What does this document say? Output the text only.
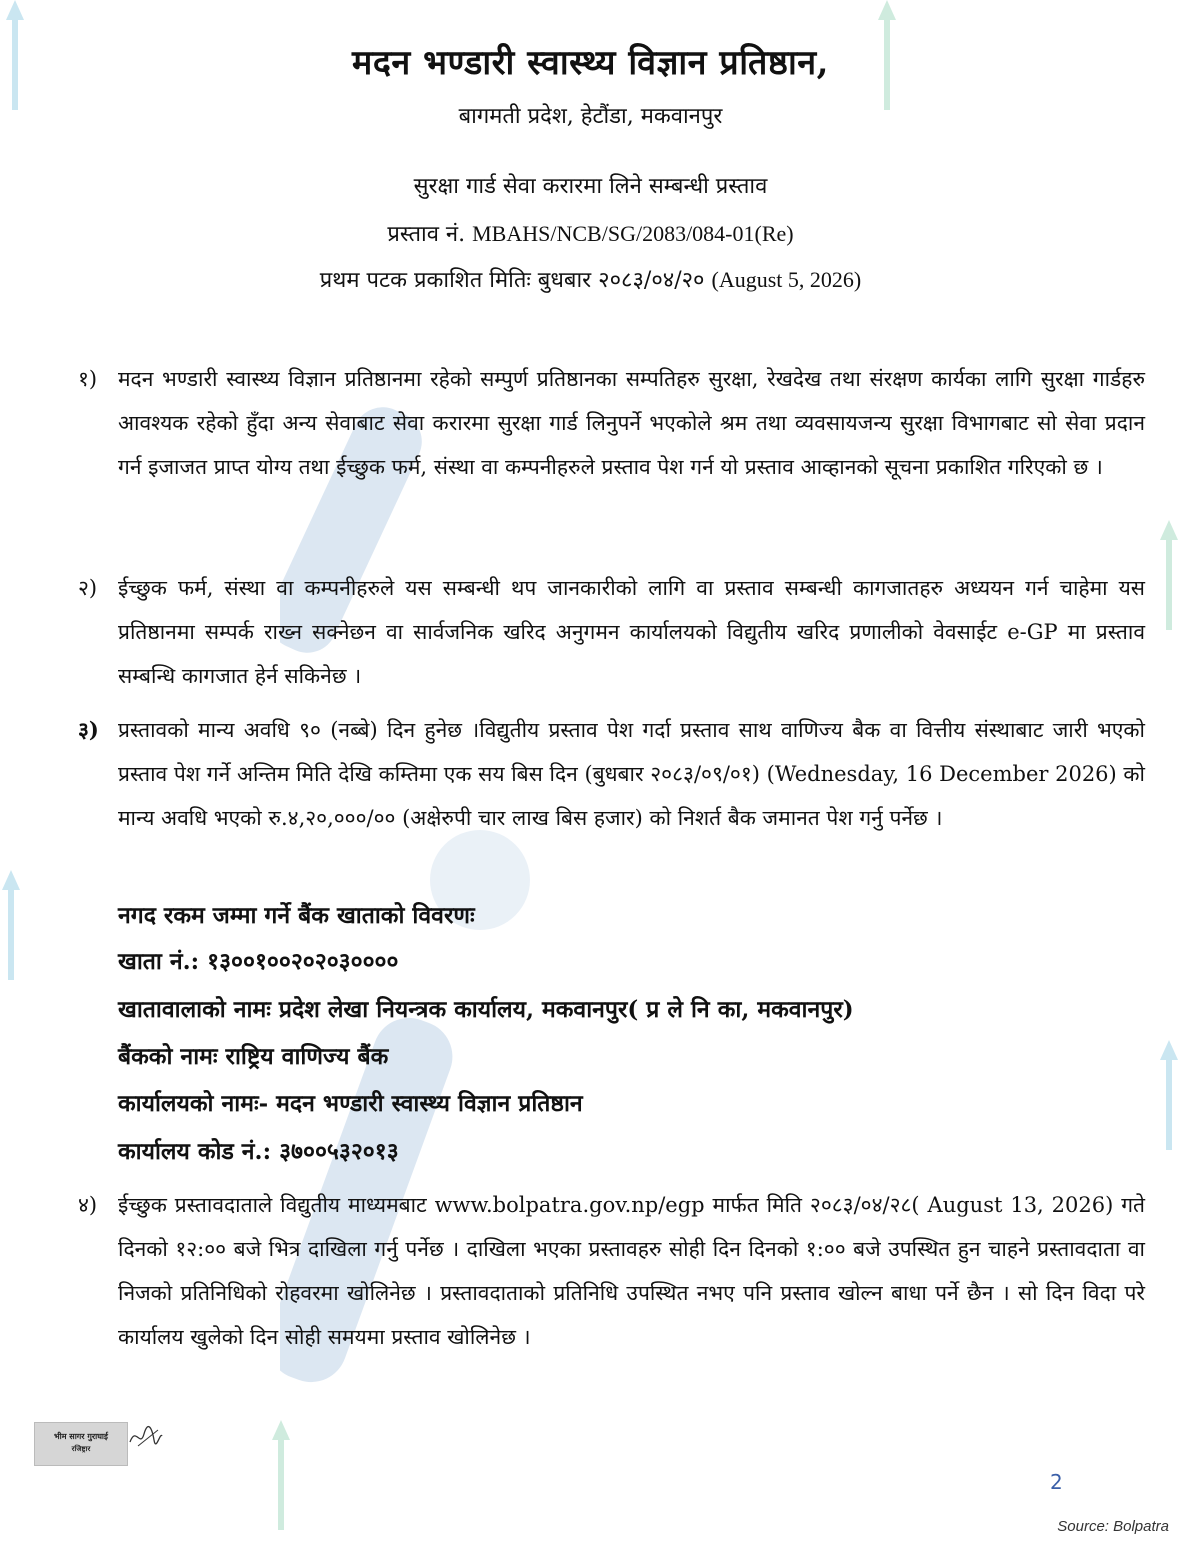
मदन भण्डारी स्वास्थ्य विज्ञान प्रतिष्ठान,
बागमती प्रदेश, हेटौंडा, मकवानपुर
सुरक्षा गार्ड सेवा करारमा लिने सम्बन्धी प्रस्ताव
प्रस्ताव नं. MBAHS/NCB/SG/2083/084-01(Re)
प्रथम पटक प्रकाशित मितिः बुधबार २०८३/०४/२० (August 5, 2026)
१) मदन भण्डारी स्वास्थ्य विज्ञान प्रतिष्ठानमा रहेको सम्पुर्ण प्रतिष्ठानका सम्पतिहरु सुरक्षा, रेखदेख तथा संरक्षण कार्यका लागि सुरक्षा गार्डहरु आवश्यक रहेको हुँदा अन्य सेवाबाट सेवा करारमा सुरक्षा गार्ड लिनुपर्ने भएकोले श्रम तथा व्यवसायजन्य सुरक्षा विभागबाट सो सेवा प्रदान गर्न इजाजत प्राप्त योग्य तथा ईच्छुक फर्म, संस्था वा कम्पनीहरुले प्रस्ताव पेश गर्न यो प्रस्ताव आव्हानको सूचना प्रकाशित गरिएको छ ।
२) ईच्छुक फर्म, संस्था वा कम्पनीहरुले यस सम्बन्धी थप जानकारीको लागि वा प्रस्ताव सम्बन्धी कागजातहरु अध्ययन गर्न चाहेमा यस प्रतिष्ठानमा सम्पर्क राख्न सक्नेछन वा सार्वजनिक खरिद अनुगमन कार्यालयको विद्युतीय खरिद प्रणालीको वेवसाईट e-GP मा प्रस्ताव सम्बन्धि कागजात हेर्न सकिनेछ ।
३) प्रस्तावको मान्य अवधि ९० (नब्बे) दिन हुनेछ ।विद्युतीय प्रस्ताव पेश गर्दा प्रस्ताव साथ वाणिज्य बैक वा वित्तीय संस्थाबाट जारी भएको प्रस्ताव पेश गर्ने अन्तिम मिति देखि कम्तिमा एक सय बिस दिन (बुधबार २०८३/०९/०१) (Wednesday, 16 December 2026) को मान्य अवधि भएको रु.४,२०,०००/०० (अक्षेरुपी चार लाख बिस हजार) को निशर्त बैक जमानत पेश गर्नु पर्नेछ ।
नगद रकम जम्मा गर्ने बैंक खाताको विवरणः
खाता नं.: १३००१००२०२०३००००
खातावालाको नामः प्रदेश लेखा नियन्त्रक कार्यालय, मकवानपुर( प्र ले नि का, मकवानपुर)
बैंकको नामः राष्ट्रिय वाणिज्य बैंक
कार्यालयको नामः- मदन भण्डारी स्वास्थ्य विज्ञान प्रतिष्ठान
कार्यालय कोड नं.: ३७००५३२०१३
४) ईच्छुक प्रस्तावदाताले विद्युतीय माध्यमबाट www.bolpatra.gov.np/egp मार्फत मिति २०८३/०४/२८( August 13, 2026) गते दिनको १२:०० बजे भित्र दाखिला गर्नु पर्नेछ । दाखिला भएका प्रस्तावहरु सोही दिन दिनको १:०० बजे उपस्थित हुन चाहने प्रस्तावदाता वा निजको प्रतिनिधिको रोहवरमा खोलिनेछ । प्रस्तावदाताको प्रतिनिधि उपस्थित नभए पनि प्रस्ताव खोल्न बाधा पर्ने छैन । सो दिन विदा परे कार्यालय खुलेको दिन सोही समयमा प्रस्ताव खोलिनेछ ।
भीम सागर गुराघाई
रजिष्ट्रार
2
Source: Bolpatra
